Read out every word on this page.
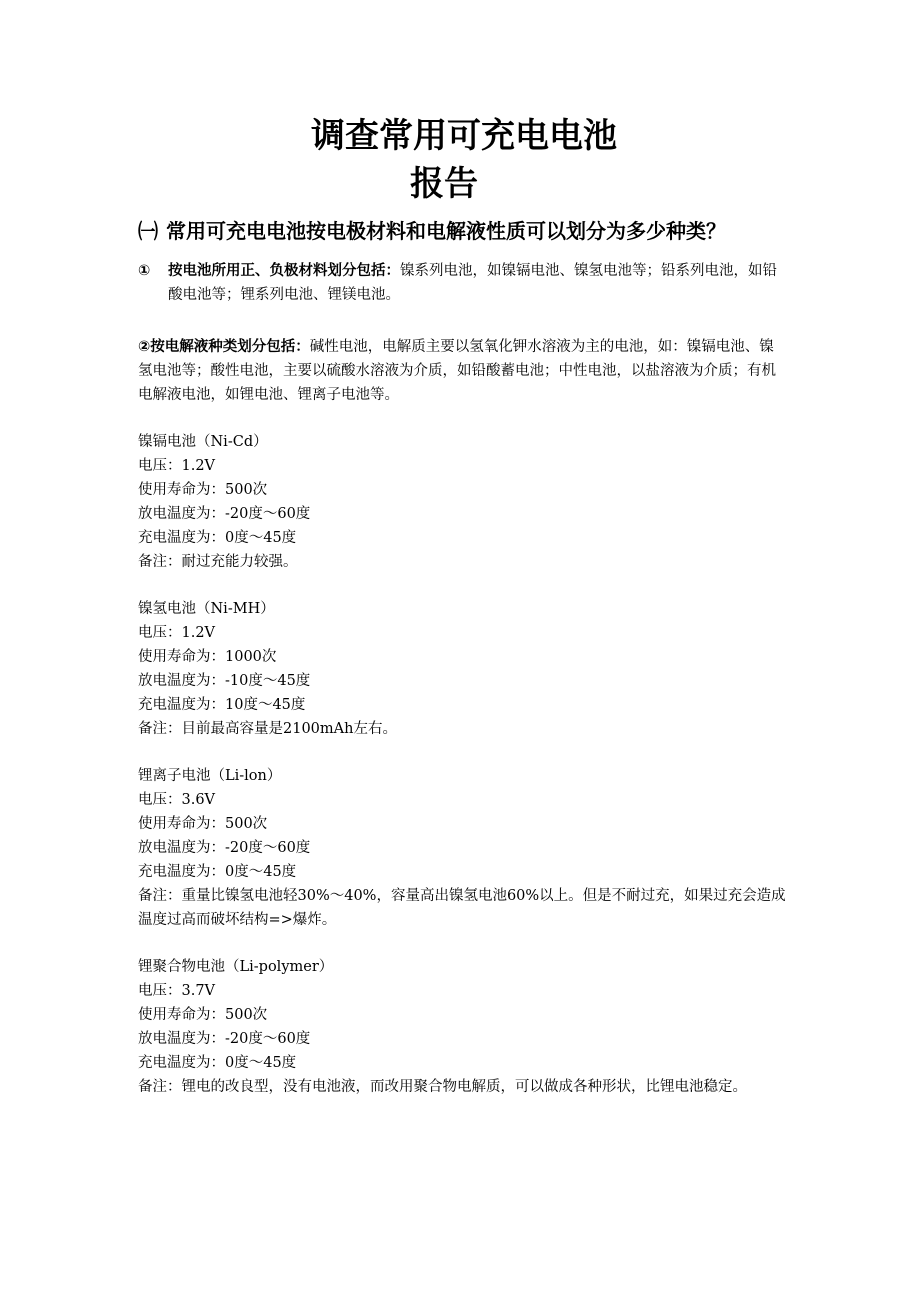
调查常用可充电电池
报告
㈠ 常用可充电电池按电极材料和电解液性质可以划分为多少种类？

① 按电池所用正、负极材料划分包括：镍系列电池，如镍镉电池、镍氢电池等；铅系列电池，如铅酸电池等；锂系列电池、锂镁电池。

②按电解液种类划分包括：碱性电池，电解质主要以氢氧化钾水溶液为主的电池，如：镍镉电池、镍氢电池等；酸性电池，主要以硫酸水溶液为介质，如铅酸蓄电池；中性电池，以盐溶液为介质；有机电解液电池，如锂电池、锂离子电池等。

镍镉电池（Ni-Cd）
电压：1.2V
使用寿命为：500次
放电温度为：-20度～60度
充电温度为：0度～45度
备注：耐过充能力较强。
镍氢电池（Ni-MH）
电压：1.2V
使用寿命为：1000次
放电温度为：-10度～45度
充电温度为：10度～45度
备注：目前最高容量是2100mAh左右。
锂离子电池（Li-lon）
电压：3.6V
使用寿命为：500次
放电温度为：-20度～60度
充电温度为：0度～45度
备注：重量比镍氢电池轻30%～40%，容量高出镍氢电池60%以上。但是不耐过充，如果过充会造成温度过高而破坏结构=>爆炸。
锂聚合物电池（Li-polymer）
电压：3.7V
使用寿命为：500次
放电温度为：-20度～60度
充电温度为：0度～45度
备注：锂电的改良型，没有电池液，而改用聚合物电解质，可以做成各种形状，比锂电池稳定。
